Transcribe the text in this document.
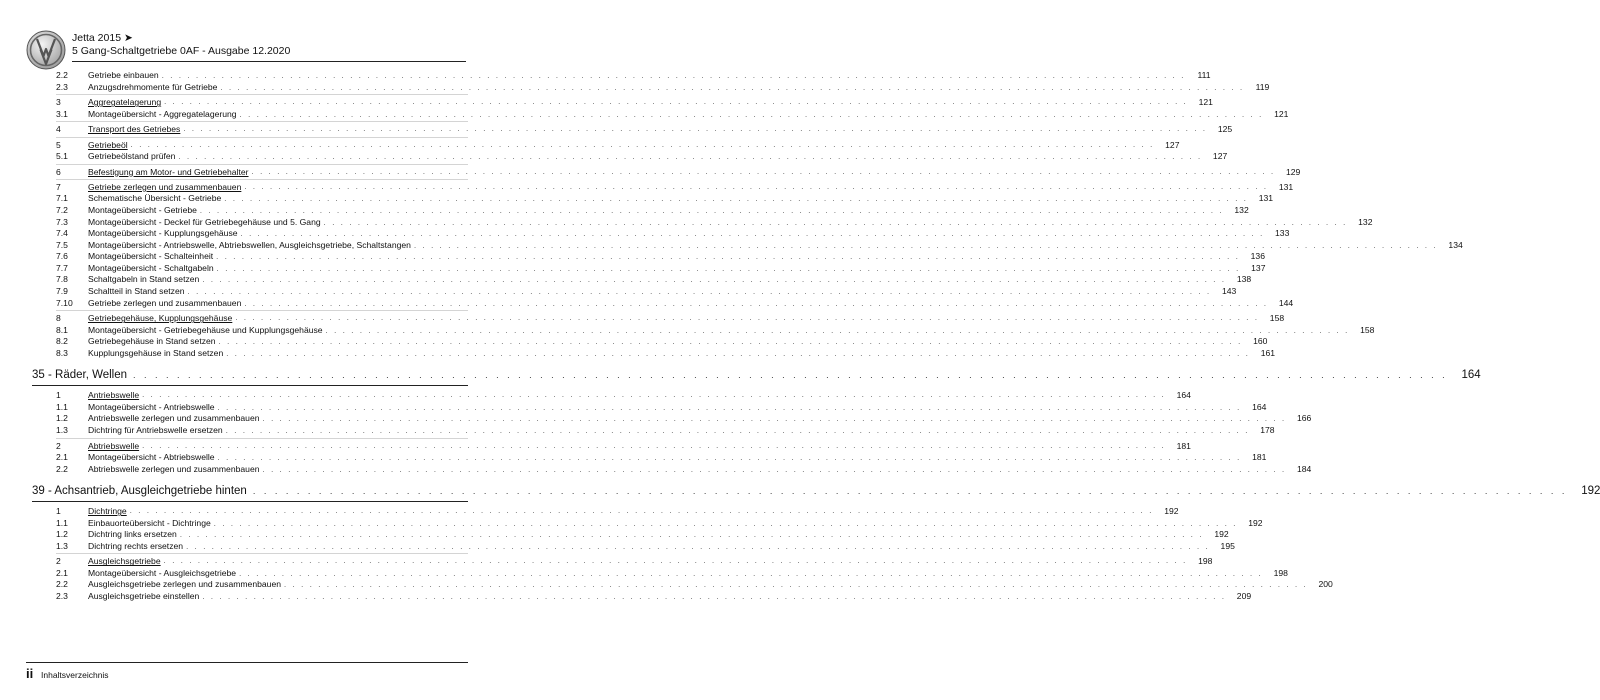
Jetta 2015 ➤
5 Gang-Schaltgetriebe 0AF - Ausgabe 12.2020
2.2	Getriebe einbauen . . . . . . . . . . . . . . . . . . . . . . . . . . . . . . . . . . . . . . . . . . . . . . . . . . . . . . . . . . . . . . . . . . . . . . . . . . . . . . . . . . . . . . . . . . . . . . . . . . . . . . . . . . . . . . . . . . . . . . . .	111
2.3	Anzugsdrehmomente für Getriebe . . . . . . . . . . . . . . . . . . . . . . . . . . . . . . . . . . . . . . . . . . . . . . . . . . . . . . . . . . . . . . . . . . . . . . . . . . . . . . . . . . . . . . . . . . . . . . . . . . . . . . . . . . . . . . . . . . . . . . . .	119
3	Aggregatelagerung . . . . . . . . . . . . . . . . . . . . . . . . . . . . . . . . . . . . . . . . . . . . . . . . . . . . . . . . . . . . . . . . . . . . . . . . . . . . . . . . . . . . . . . . . . . . . . . . . . . . . . . . . . . . . . . . . . . . . . . .	121
3.1	Montageübersicht - Aggregatelagerung . . . . . . . . . . . . . . . . . . . . . . . . . . . . . . . . . . . . . . . . . . . . . . . . . . . . . . . . . . . . . . . . . . . . . . . . . . . . . . . . . . . . . . . . . . . . . . . . . . . . . . . . . . . . . . . . . . . . . . . .	121
4	Transport des Getriebes . . . . . . . . . . . . . . . . . . . . . . . . . . . . . . . . . . . . . . . . . . . . . . . . . . . . . . . . . . . . . . . . . . . . . . . . . . . . . . . . . . . . . . . . . . . . . . . . . . . . . . . . . . . . . . . . . . . . . . . .	125
5	Getriebeöl . . . . . . . . . . . . . . . . . . . . . . . . . . . . . . . . . . . . . . . . . . . . . . . . . . . . . . . . . . . . . . . . . . . . . . . . . . . . . . . . . . . . . . . . . . . . . . . . . . . . . . . . . . . . . . . . . . . . . . . .	127
5.1	Getriebeölstand prüfen . . . . . . . . . . . . . . . . . . . . . . . . . . . . . . . . . . . . . . . . . . . . . . . . . . . . . . . . . . . . . . . . . . . . . . . . . . . . . . . . . . . . . . . . . . . . . . . . . . . . . . . . . . . . . . . . . . . . . . . .	127
6	Befestigung am Motor- und Getriebehalter . . . . . . . . . . . . . . . . . . . . . . . . . . . . . . . . . . . . . . . . . . . . . . . . . . . . . . . . . . . . . . . . . . . . . . . . . . . . . . . . . . . . . . . . . . . . . . . . . . . . . . . . . . . . . . . . . . . . . . . .	129
7	Getriebe zerlegen und zusammenbauen . . . . . . . . . . . . . . . . . . . . . . . . . . . . . . . . . . . . . . . . . . . . . . . . . . . . . . . . . . . . . . . . . . . . . . . . . . . . . . . . . . . . . . . . . . . . . . . . . . . . . . . . . . . . . . . . . . . . . . . .	131
7.1	Schematische Übersicht - Getriebe . . . . . . . . . . . . . . . . . . . . . . . . . . . . . . . . . . . . . . . . . . . . . . . . . . . . . . . . . . . . . . . . . . . . . . . . . . . . . . . . . . . . . . . . . . . . . . . . . . . . . . . . . . . . . . . . . . . . . . . .	131
7.2	Montageübersicht - Getriebe . . . . . . . . . . . . . . . . . . . . . . . . . . . . . . . . . . . . . . . . . . . . . . . . . . . . . . . . . . . . . . . . . . . . . . . . . . . . . . . . . . . . . . . . . . . . . . . . . . . . . . . . . . . . . . . . . . . . . . . .	132
7.3	Montageübersicht - Deckel für Getriebegehäuse und 5. Gang . . . . . . . . . . . . . . . . . . . . . . . . . . . . . . . . . . . . . . . . . . . . . . . . . . . . . . . . . . . . . . . . . . . . . . . . . . . . . . . . . . . . . . . . . . . . . . . . . . . . . . . . . . . . . . . . . . . . . . . .	132
7.4	Montageübersicht - Kupplungsgehäuse . . . . . . . . . . . . . . . . . . . . . . . . . . . . . . . . . . . . . . . . . . . . . . . . . . . . . . . . . . . . . . . . . . . . . . . . . . . . . . . . . . . . . . . . . . . . . . . . . . . . . . . . . . . . . . . . . . . . . . . .	133
7.5	Montageübersicht - Antriebswelle, Abtriebswellen, Ausgleichsgetriebe, Schaltstangen . . . . . . . . . . . . . . . . . . . . . . . . . . . . . . . . . . . . . . . . . . . . . . . . . . . . . . . . . . . . . . . . . . . . . . . . . . . . . . . . . . . . . . . . . . . . . . . . . . . . . . . . . . . . . . . . . . . . . . . .	134
7.6	Montageübersicht - Schalteinheit . . . . . . . . . . . . . . . . . . . . . . . . . . . . . . . . . . . . . . . . . . . . . . . . . . . . . . . . . . . . . . . . . . . . . . . . . . . . . . . . . . . . . . . . . . . . . . . . . . . . . . . . . . . . . . . . . . . . . . . .	136
7.7	Montageübersicht - Schaltgabeln . . . . . . . . . . . . . . . . . . . . . . . . . . . . . . . . . . . . . . . . . . . . . . . . . . . . . . . . . . . . . . . . . . . . . . . . . . . . . . . . . . . . . . . . . . . . . . . . . . . . . . . . . . . . . . . . . . . . . . . .	137
7.8	Schaltgabeln in Stand setzen . . . . . . . . . . . . . . . . . . . . . . . . . . . . . . . . . . . . . . . . . . . . . . . . . . . . . . . . . . . . . . . . . . . . . . . . . . . . . . . . . . . . . . . . . . . . . . . . . . . . . . . . . . . . . . . . . . . . . . . .	138
7.9	Schaltteil in Stand setzen . . . . . . . . . . . . . . . . . . . . . . . . . . . . . . . . . . . . . . . . . . . . . . . . . . . . . . . . . . . . . . . . . . . . . . . . . . . . . . . . . . . . . . . . . . . . . . . . . . . . . . . . . . . . . . . . . . . . . . . .	143
7.10	Getriebe zerlegen und zusammenbauen . . . . . . . . . . . . . . . . . . . . . . . . . . . . . . . . . . . . . . . . . . . . . . . . . . . . . . . . . . . . . . . . . . . . . . . . . . . . . . . . . . . . . . . . . . . . . . . . . . . . . . . . . . . . . . . . . . . . . . . .	144
8	Getriebegehäuse, Kupplungsgehäuse . . . . . . . . . . . . . . . . . . . . . . . . . . . . . . . . . . . . . . . . . . . . . . . . . . . . . . . . . . . . . . . . . . . . . . . . . . . . . . . . . . . . . . . . . . . . . . . . . . . . . . . . . . . . . . . . . . . . . . . .	158
8.1	Montageübersicht - Getriebegehäuse und Kupplungsgehäuse . . . . . . . . . . . . . . . . . . . . . . . . . . . . . . . . . . . . . . . . . . . . . . . . . . . . . . . . . . . . . . . . . . . . . . . . . . . . . . . . . . . . . . . . . . . . . . . . . . . . . . . . . . . . . . . . . . . . . . . .	158
8.2	Getriebegehäuse in Stand setzen . . . . . . . . . . . . . . . . . . . . . . . . . . . . . . . . . . . . . . . . . . . . . . . . . . . . . . . . . . . . . . . . . . . . . . . . . . . . . . . . . . . . . . . . . . . . . . . . . . . . . . . . . . . . . . . . . . . . . . . .	160
8.3	Kupplungsgehäuse in Stand setzen . . . . . . . . . . . . . . . . . . . . . . . . . . . . . . . . . . . . . . . . . . . . . . . . . . . . . . . . . . . . . . . . . . . . . . . . . . . . . . . . . . . . . . . . . . . . . . . . . . . . . . . . . . . . . . . . . . . . . . . .	161
35 - Räder, Wellen . . . . . . . . . . . . . . . . . . . . . . . . . . . . . . . . . . . . . . . . . . . . . . . . . . . . . . . . . . . . . . . . . . . . . . . . . . . . . . . . . . . . . . . . . . . . . . . . . . . . . . . . . . . . . . . . . . . . . . . .	164
1	Antriebswelle . . . . . . . . . . . . . . . . . . . . . . . . . . . . . . . . . . . . . . . . . . . . . . . . . . . . . . . . . . . . . . . . . . . . . . . . . . . . . . . . . . . . . . . . . . . . . . . . . . . . . . . . . . . . . . . . . . . . . . . .	164
1.1	Montageübersicht - Antriebswelle . . . . . . . . . . . . . . . . . . . . . . . . . . . . . . . . . . . . . . . . . . . . . . . . . . . . . . . . . . . . . . . . . . . . . . . . . . . . . . . . . . . . . . . . . . . . . . . . . . . . . . . . . . . . . . . . . . . . . . . .	164
1.2	Antriebswelle zerlegen und zusammenbauen . . . . . . . . . . . . . . . . . . . . . . . . . . . . . . . . . . . . . . . . . . . . . . . . . . . . . . . . . . . . . . . . . . . . . . . . . . . . . . . . . . . . . . . . . . . . . . . . . . . . . . . . . . . . . . . . . . . . . . . .	166
1.3	Dichtring für Antriebswelle ersetzen . . . . . . . . . . . . . . . . . . . . . . . . . . . . . . . . . . . . . . . . . . . . . . . . . . . . . . . . . . . . . . . . . . . . . . . . . . . . . . . . . . . . . . . . . . . . . . . . . . . . . . . . . . . . . . . . . . . . . . . .	178
2	Abtriebswelle . . . . . . . . . . . . . . . . . . . . . . . . . . . . . . . . . . . . . . . . . . . . . . . . . . . . . . . . . . . . . . . . . . . . . . . . . . . . . . . . . . . . . . . . . . . . . . . . . . . . . . . . . . . . . . . . . . . . . . . .	181
2.1	Montageübersicht - Abtriebswelle . . . . . . . . . . . . . . . . . . . . . . . . . . . . . . . . . . . . . . . . . . . . . . . . . . . . . . . . . . . . . . . . . . . . . . . . . . . . . . . . . . . . . . . . . . . . . . . . . . . . . . . . . . . . . . . . . . . . . . . .	181
2.2	Abtriebswelle zerlegen und zusammenbauen . . . . . . . . . . . . . . . . . . . . . . . . . . . . . . . . . . . . . . . . . . . . . . . . . . . . . . . . . . . . . . . . . . . . . . . . . . . . . . . . . . . . . . . . . . . . . . . . . . . . . . . . . . . . . . . . . . . . . . . .	184
39 - Achsantrieb, Ausgleichgetriebe hinten . . . . . . . . . . . . . . . . . . . . . . . . . . . . . . . . . . . . . . . . . . . . . . . . . . . . . . . . . . . . . . . . . . . . . . . . . . . . . . . . . . . . . . . . . . . . . . . . . . . . . . . . . . . . . . . . . . . . . . . .	192
1	Dichtringe . . . . . . . . . . . . . . . . . . . . . . . . . . . . . . . . . . . . . . . . . . . . . . . . . . . . . . . . . . . . . . . . . . . . . . . . . . . . . . . . . . . . . . . . . . . . . . . . . . . . . . . . . . . . . . . . . . . . . . . .	192
1.1	Einbauorteübersicht - Dichtringe . . . . . . . . . . . . . . . . . . . . . . . . . . . . . . . . . . . . . . . . . . . . . . . . . . . . . . . . . . . . . . . . . . . . . . . . . . . . . . . . . . . . . . . . . . . . . . . . . . . . . . . . . . . . . . . . . . . . . . . .	192
1.2	Dichtring links ersetzen . . . . . . . . . . . . . . . . . . . . . . . . . . . . . . . . . . . . . . . . . . . . . . . . . . . . . . . . . . . . . . . . . . . . . . . . . . . . . . . . . . . . . . . . . . . . . . . . . . . . . . . . . . . . . . . . . . . . . . . .	192
1.3	Dichtring rechts ersetzen . . . . . . . . . . . . . . . . . . . . . . . . . . . . . . . . . . . . . . . . . . . . . . . . . . . . . . . . . . . . . . . . . . . . . . . . . . . . . . . . . . . . . . . . . . . . . . . . . . . . . . . . . . . . . . . . . . . . . . . .	195
2	Ausgleichsgetriebe . . . . . . . . . . . . . . . . . . . . . . . . . . . . . . . . . . . . . . . . . . . . . . . . . . . . . . . . . . . . . . . . . . . . . . . . . . . . . . . . . . . . . . . . . . . . . . . . . . . . . . . . . . . . . . . . . . . . . . . .	198
2.1	Montageübersicht - Ausgleichsgetriebe . . . . . . . . . . . . . . . . . . . . . . . . . . . . . . . . . . . . . . . . . . . . . . . . . . . . . . . . . . . . . . . . . . . . . . . . . . . . . . . . . . . . . . . . . . . . . . . . . . . . . . . . . . . . . . . . . . . . . . . .	198
2.2	Ausgleichsgetriebe zerlegen und zusammenbauen . . . . . . . . . . . . . . . . . . . . . . . . . . . . . . . . . . . . . . . . . . . . . . . . . . . . . . . . . . . . . . . . . . . . . . . . . . . . . . . . . . . . . . . . . . . . . . . . . . . . . . . . . . . . . . . . . . . . . . . .	200
2.3	Ausgleichsgetriebe einstellen . . . . . . . . . . . . . . . . . . . . . . . . . . . . . . . . . . . . . . . . . . . . . . . . . . . . . . . . . . . . . . . . . . . . . . . . . . . . . . . . . . . . . . . . . . . . . . . . . . . . . . . . . . . . . . . . . . . . . . . .	209
ii Inhaltsverzeichnis
